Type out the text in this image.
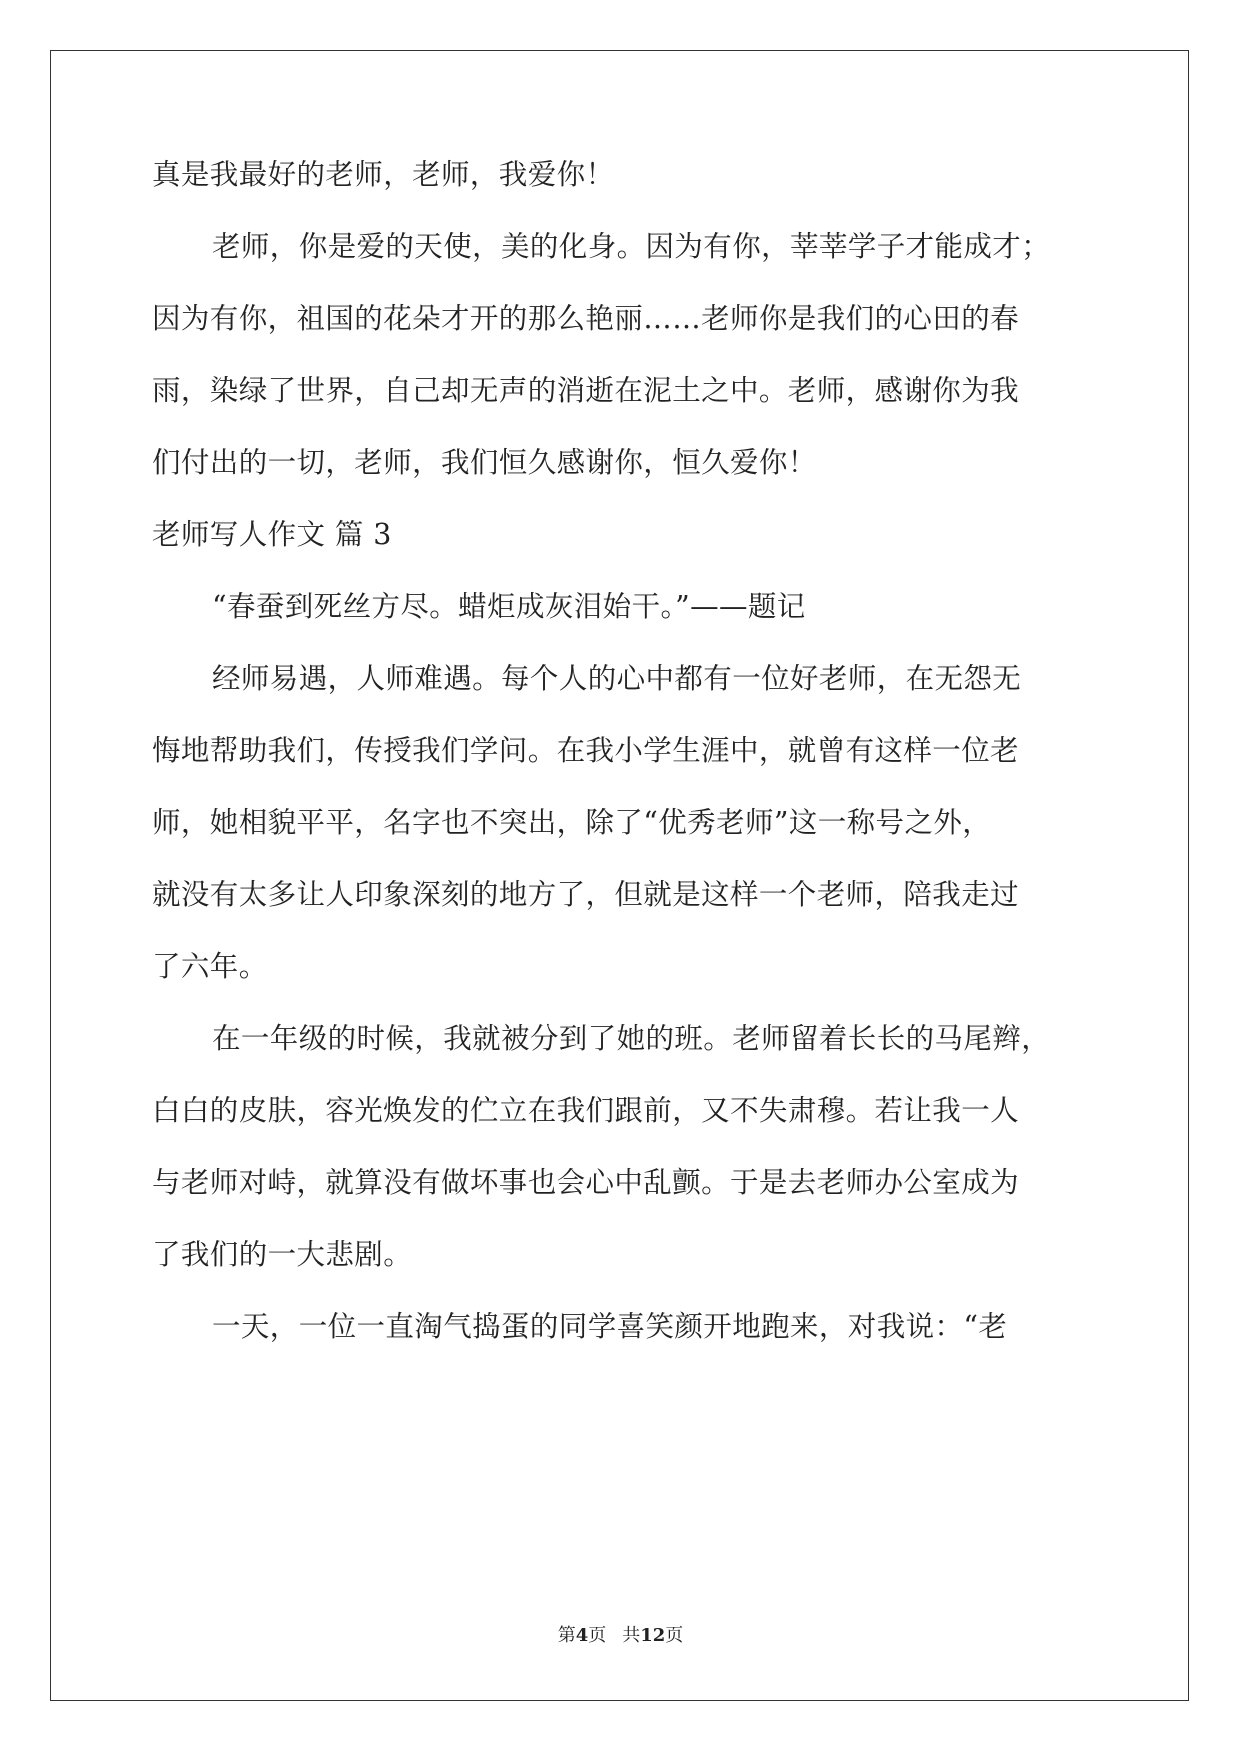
真是我最好的老师，老师，我爱你！
老师，你是爱的天使，美的化身。因为有你，莘莘学子才能成才；
因为有你，祖国的花朵才开的那么艳丽……老师你是我们的心田的春
雨，染绿了世界，自己却无声的消逝在泥土之中。老师，感谢你为我
们付出的一切，老师，我们恒久感谢你，恒久爱你！
老师写人作文 篇 3
“春蚕到死丝方尽。蜡炬成灰泪始干。”——题记
经师易遇，人师难遇。每个人的心中都有一位好老师，在无怨无
悔地帮助我们，传授我们学问。在我小学生涯中，就曾有这样一位老
师，她相貌平平，名字也不突出，除了“优秀老师”这一称号之外，
就没有太多让人印象深刻的地方了，但就是这样一个老师，陪我走过
了六年。
在一年级的时候，我就被分到了她的班。老师留着长长的马尾辫，
白白的皮肤，容光焕发的伫立在我们跟前，又不失肃穆。若让我一人
与老师对峙，就算没有做坏事也会心中乱颤。于是去老师办公室成为
了我们的一大悲剧。
一天，一位一直淘气捣蛋的同学喜笑颜开地跑来，对我说：“老
第4页 共12页
